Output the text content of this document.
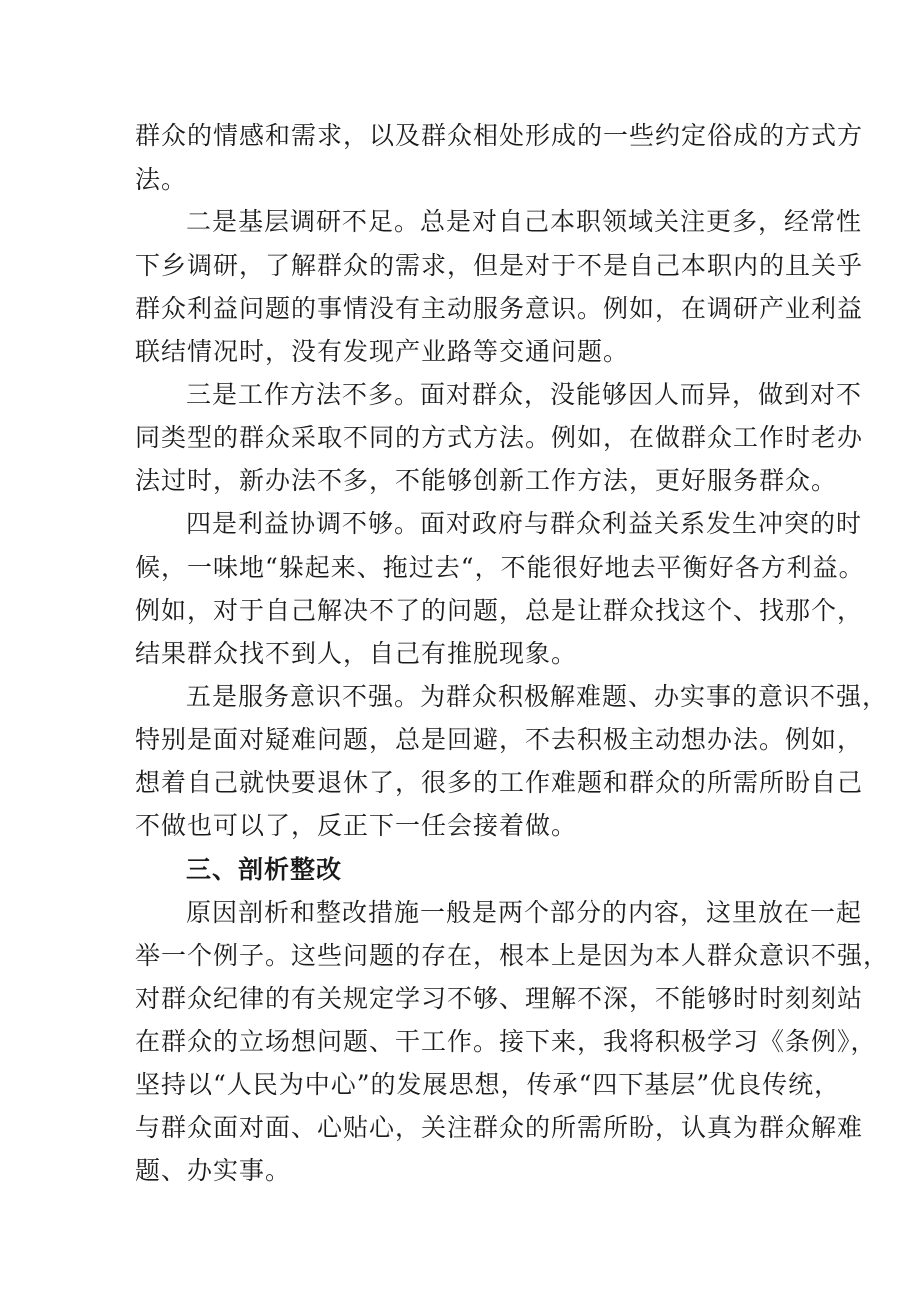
群众的情感和需求，以及群众相处形成的一些约定俗成的方式方
法。
二是基层调研不足。总是对自己本职领域关注更多，经常性
下乡调研，了解群众的需求，但是对于不是自己本职内的且关乎
群众利益问题的事情没有主动服务意识。例如，在调研产业利益
联结情况时，没有发现产业路等交通问题。
三是工作方法不多。面对群众，没能够因人而异，做到对不
同类型的群众采取不同的方式方法。例如，在做群众工作时老办
法过时，新办法不多，不能够创新工作方法，更好服务群众。
四是利益协调不够。面对政府与群众利益关系发生冲突的时
候，一味地“躲起来、拖过去“，不能很好地去平衡好各方利益。
例如，对于自己解决不了的问题，总是让群众找这个、找那个，
结果群众找不到人，自己有推脱现象。
五是服务意识不强。为群众积极解难题、办实事的意识不强，
特别是面对疑难问题，总是回避，不去积极主动想办法。例如，
想着自己就快要退休了，很多的工作难题和群众的所需所盼自己
不做也可以了，反正下一任会接着做。
三、剖析整改
原因剖析和整改措施一般是两个部分的内容，这里放在一起
举一个例子。这些问题的存在，根本上是因为本人群众意识不强，
对群众纪律的有关规定学习不够、理解不深，不能够时时刻刻站
在群众的立场想问题、干工作。接下来，我将积极学习《条例》，
坚持以“人民为中心”的发展思想，传承“四下基层”优良传统，
与群众面对面、心贴心，关注群众的所需所盼，认真为群众解难
题、办实事。
